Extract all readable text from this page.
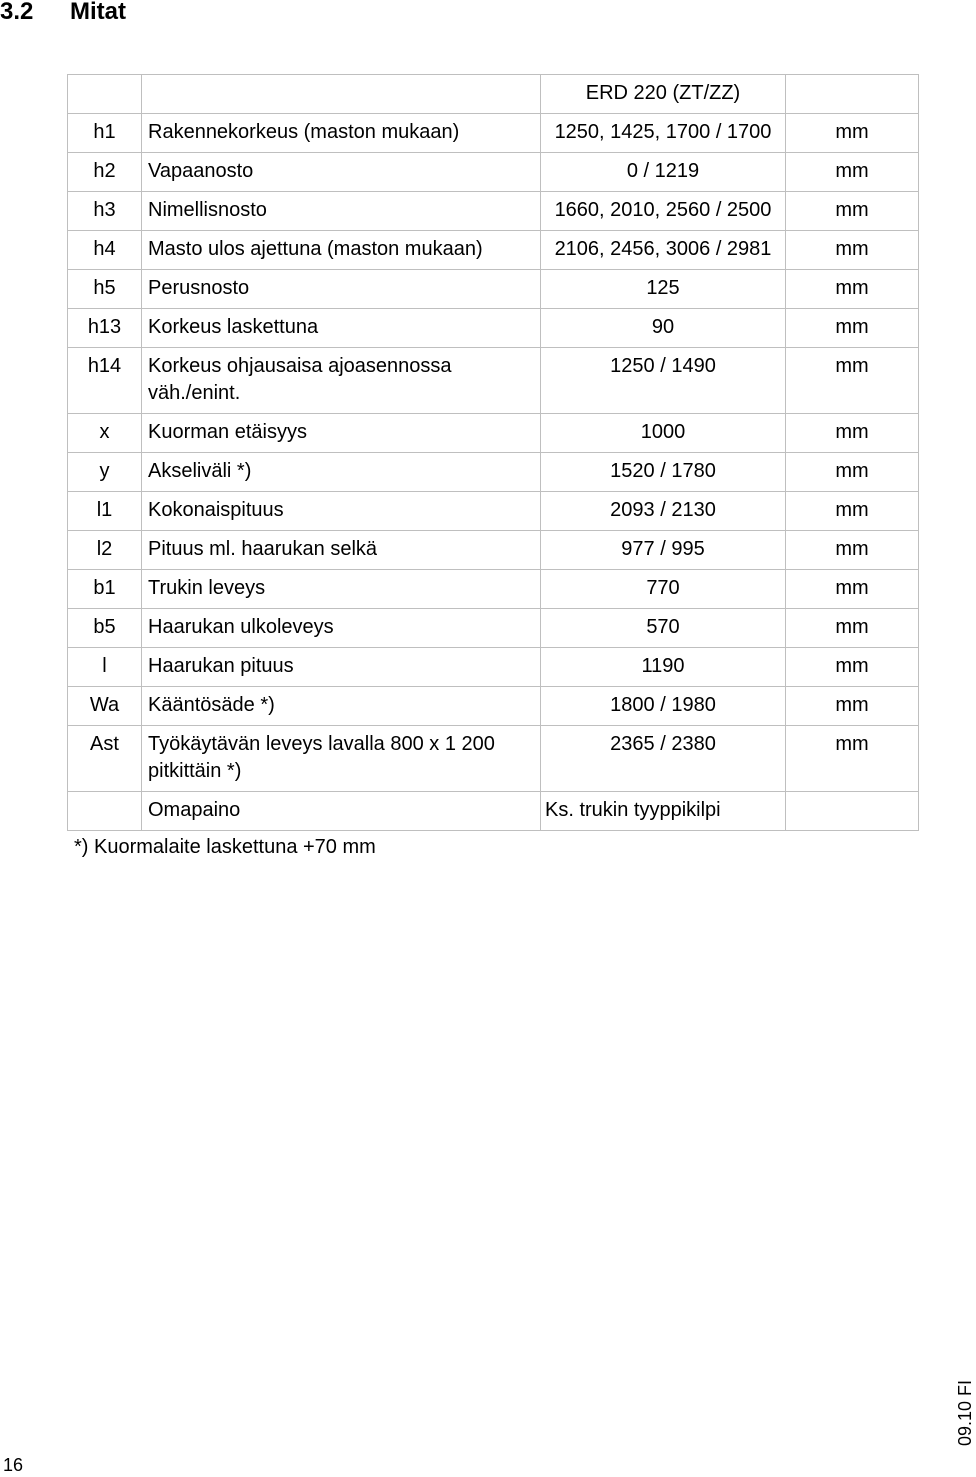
3.2 Mitat
		ERD 220 (ZT/ZZ)	
h1	Rakennekorkeus (maston mukaan)	1250, 1425, 1700 / 1700	mm
h2	Vapaanosto	0 / 1219	mm
h3	Nimellisnosto	1660, 2010, 2560 / 2500	mm
h4	Masto ulos ajettuna (maston mukaan)	2106, 2456, 3006 / 2981	mm
h5	Perusnosto	125	mm
h13	Korkeus laskettuna	90	mm
h14	Korkeus ohjausaisa ajoasennossa väh./enint.	1250 / 1490	mm
x	Kuorman etäisyys	1000	mm
y	Akseliväli *)	1520 / 1780	mm
l1	Kokonaispituus	2093 / 2130	mm
l2	Pituus ml. haarukan selkä	977 / 995	mm
b1	Trukin leveys	770	mm
b5	Haarukan ulkoleveys	570	mm
l	Haarukan pituus	1190	mm
Wa	Kääntösäde *)	1800 / 1980	mm
Ast	Työkäytävän leveys lavalla 800 x 1 200 pitkittäin *)	2365 / 2380	mm
	Omapaino	Ks. trukin tyyppikilpi	

*) Kuormalaite laskettuna +70 mm

16

09.10 FI
